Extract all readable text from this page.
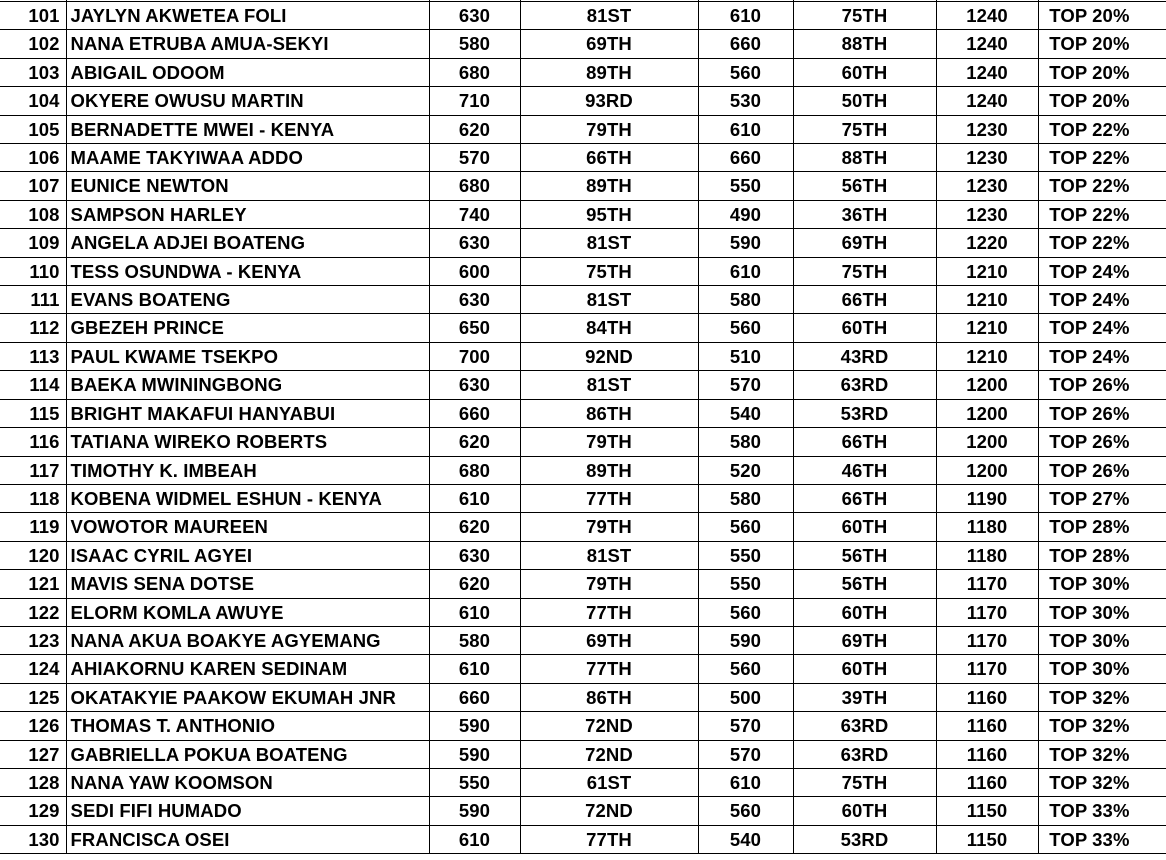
101	JAYLYN AKWETEA FOLI	630	81ST	610	75TH	1240	TOP 20%
102	NANA ETRUBA AMUA-SEKYI	580	69TH	660	88TH	1240	TOP 20%
103	ABIGAIL ODOOM	680	89TH	560	60TH	1240	TOP 20%
104	OKYERE OWUSU MARTIN	710	93RD	530	50TH	1240	TOP 20%
105	BERNADETTE MWEI - KENYA	620	79TH	610	75TH	1230	TOP 22%
106	MAAME TAKYIWAA ADDO	570	66TH	660	88TH	1230	TOP 22%
107	EUNICE NEWTON	680	89TH	550	56TH	1230	TOP 22%
108	SAMPSON HARLEY	740	95TH	490	36TH	1230	TOP 22%
109	ANGELA ADJEI BOATENG	630	81ST	590	69TH	1220	TOP 22%
110	TESS OSUNDWA - KENYA	600	75TH	610	75TH	1210	TOP 24%
111	EVANS BOATENG	630	81ST	580	66TH	1210	TOP 24%
112	GBEZEH PRINCE	650	84TH	560	60TH	1210	TOP 24%
113	PAUL KWAME TSEKPO	700	92ND	510	43RD	1210	TOP 24%
114	BAEKA MWININGBONG	630	81ST	570	63RD	1200	TOP 26%
115	BRIGHT MAKAFUI HANYABUI	660	86TH	540	53RD	1200	TOP 26%
116	TATIANA WIREKO ROBERTS	620	79TH	580	66TH	1200	TOP 26%
117	TIMOTHY K. IMBEAH	680	89TH	520	46TH	1200	TOP 26%
118	KOBENA WIDMEL ESHUN - KENYA	610	77TH	580	66TH	1190	TOP 27%
119	VOWOTOR MAUREEN	620	79TH	560	60TH	1180	TOP 28%
120	ISAAC CYRIL AGYEI	630	81ST	550	56TH	1180	TOP 28%
121	MAVIS SENA DOTSE	620	79TH	550	56TH	1170	TOP 30%
122	ELORM KOMLA AWUYE	610	77TH	560	60TH	1170	TOP 30%
123	NANA AKUA BOAKYE AGYEMANG	580	69TH	590	69TH	1170	TOP 30%
124	AHIAKORNU KAREN SEDINAM	610	77TH	560	60TH	1170	TOP 30%
125	OKATAKYIE PAAKOW EKUMAH JNR	660	86TH	500	39TH	1160	TOP 32%
126	THOMAS T. ANTHONIO	590	72ND	570	63RD	1160	TOP 32%
127	GABRIELLA POKUA BOATENG	590	72ND	570	63RD	1160	TOP 32%
128	NANA YAW KOOMSON	550	61ST	610	75TH	1160	TOP 32%
129	SEDI FIFI HUMADO	590	72ND	560	60TH	1150	TOP 33%
130	FRANCISCA OSEI	610	77TH	540	53RD	1150	TOP 33%
